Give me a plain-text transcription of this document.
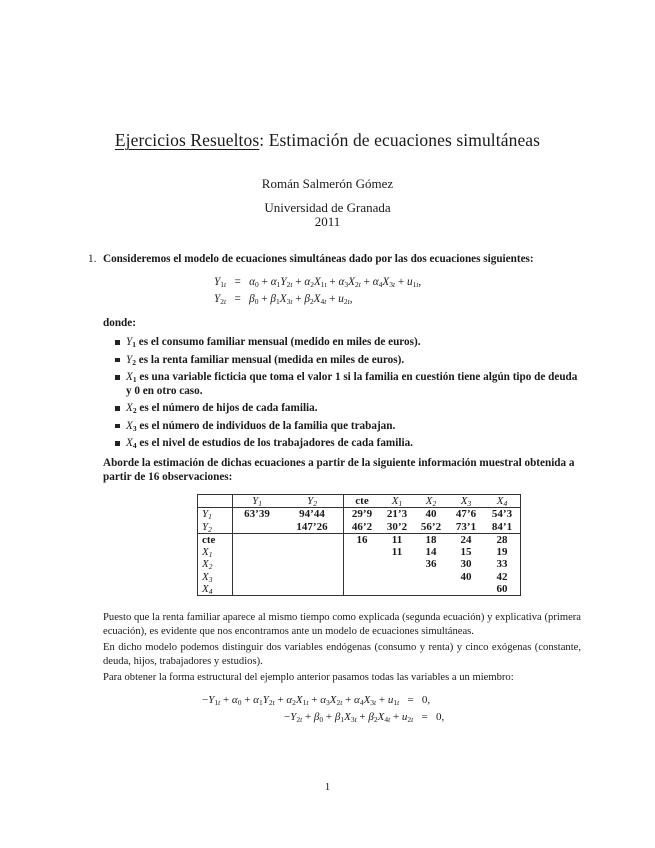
Ejercicios Resueltos: Estimación de ecuaciones simultáneas
Román Salmerón Gómez
Universidad de Granada
2011
1. Consideremos el modelo de ecuaciones simultáneas dado por las dos ecuaciones siguientes:
$Y_{1t} = \alpha_0 + \alpha_1Y_{2t} + \alpha_2X_{1t} + \alpha_3X_{2t} + \alpha_4X_{3t} + u_{1t}$,
$Y_{2t} = \beta_0 + \beta_1X_{3t} + \beta_2X_{4t} + u_{2t}$,
donde:
$Y_1$ es el consumo familiar mensual (medido en miles de euros).
$Y_2$ es la renta familiar mensual (medida en miles de euros).
$X_1$ es una variable ficticia que toma el valor 1 si la familia en cuestión tiene algún tipo de deuda y 0 en otro caso.
$X_2$ es el número de hijos de cada familia.
$X_3$ es el número de individuos de la familia que trabajan.
$X_4$ es el nivel de estudios de los trabajadores de cada familia.
Aborde la estimación de dichas ecuaciones a partir de la siguiente información muestral obtenida a partir de 16 observaciones:
	$Y_1$	$Y_2$	cte	$X_1$	$X_2$	$X_3$	$X_4$
$Y_1$	63’39	94’44	29’9	21’3	40	47’6	54’3
$Y_2$		147’26	46’2	30’2	56’2	73’1	84’1
cte			16	11	18	24	28
$X_1$				11	14	15	19
$X_2$					36	30	33
$X_3$						40	42
$X_4$							60
Puesto que la renta familiar aparece al mismo tiempo como explicada (segunda ecuación) y explicativa (primera ecuación), es evidente que nos encontramos ante un modelo de ecuaciones simultáneas.
En dicho modelo podemos distinguir dos variables endógenas (consumo y renta) y cinco exógenas (constante, deuda, hijos, trabajadores y estudios).
Para obtener la forma estructural del ejemplo anterior pasamos todas las variables a un miembro:
$-Y_{1t} + \alpha_0 + \alpha_1Y_{2t} + \alpha_2X_{1t} + \alpha_3X_{2t} + \alpha_4X_{3t} + u_{1t} = 0$,
$-Y_{2t} + \beta_0 + \beta_1X_{3t} + \beta_2X_{4t} + u_{2t} = 0$,
1
